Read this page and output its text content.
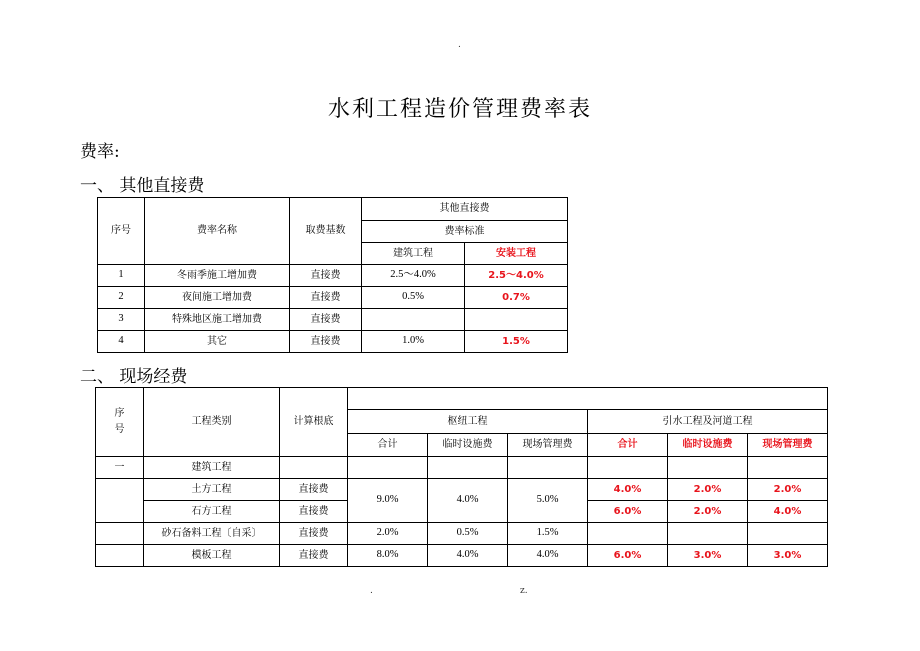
.
水利工程造价管理费率表
费率:
一、 其他直接费
序号	费率名称	取费基数	其他直接费	
			费率标准	
			建筑工程	安装工程
1	冬雨季施工增加费	直接费	2.5～4.0%	2.5～4.0%
2	夜间施工增加费	直接费	0.5%	0.7%
3	特殊地区施工增加费	直接费		
4	其它	直接费	1.0%	1.5%
二、 现场经费
序号	工程类别	计算根底						
			枢纽工程			引水工程及河道工程		
			合计	临时设施费	现场管理费	合计	临时设施费	现场管理费
一	建筑工程							
	土方工程	直接费	9.0%	4.0%	5.0%	4.0%	2.0%	2.0%
	石方工程	直接费				6.0%	2.0%	4.0%
	砂石备料工程〔自采〕	直接费	2.0%	0.5%	1.5%			
	模板工程	直接费	8.0%	4.0%	4.0%	6.0%	3.0%	3.0%
.	z.
